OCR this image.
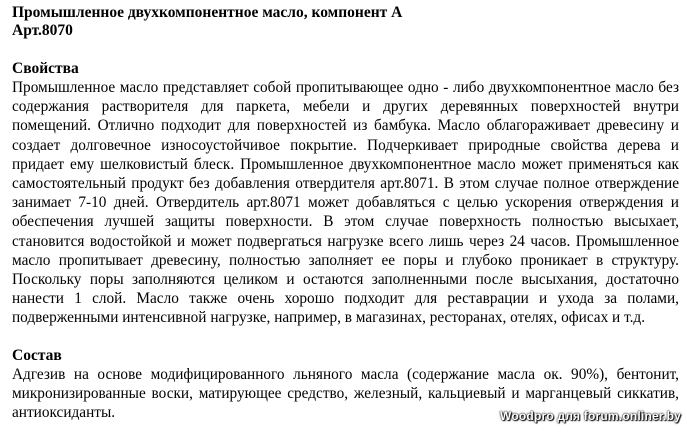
Промышленное двухкомпонентное масло, компонент А

Арт.8070

Свойства

Промышленное масло представляет собой пропитывающее одно - либо двухкомпонентное масло без содержания растворителя для паркета, мебели и других деревянных поверхностей внутри помещений. Отлично подходит для поверхностей из бамбука. Масло облагораживает древесину и создает долговечное износоустойчивое покрытие. Подчеркивает природные свойства дерева и придает ему шелковистый блеск. Промышленное двухкомпонентное масло может применяться как самостоятельный продукт без добавления отвердителя арт.8071. В этом случае полное отверждение занимает 7-10 дней. Отвердитель арт.8071 может добавляться с целью ускорения отверждения и обеспечения лучшей защиты поверхности. В этом случае поверхность полностью высыхает, становится водостойкой и может подвергаться нагрузке всего лишь через 24 часов. Промышленное масло пропитывает древесину, полностью заполняет ее поры и глубоко проникает в структуру. Поскольку поры заполняются целиком и остаются заполненными после высыхания, достаточно нанести 1 слой. Масло также очень хорошо подходит для реставрации и ухода за полами, подверженными интенсивной нагрузке, например, в магазинах, ресторанах, отелях, офисах и т.д.

Состав

Адгезив на основе модифицированного льняного масла (содержание масла ок. 90%), бентонит, микронизированные воски, матирующее средство, железный, кальциевый и марганцевый сиккатив, антиоксиданты.	Woodpro для forum.onliner.by
